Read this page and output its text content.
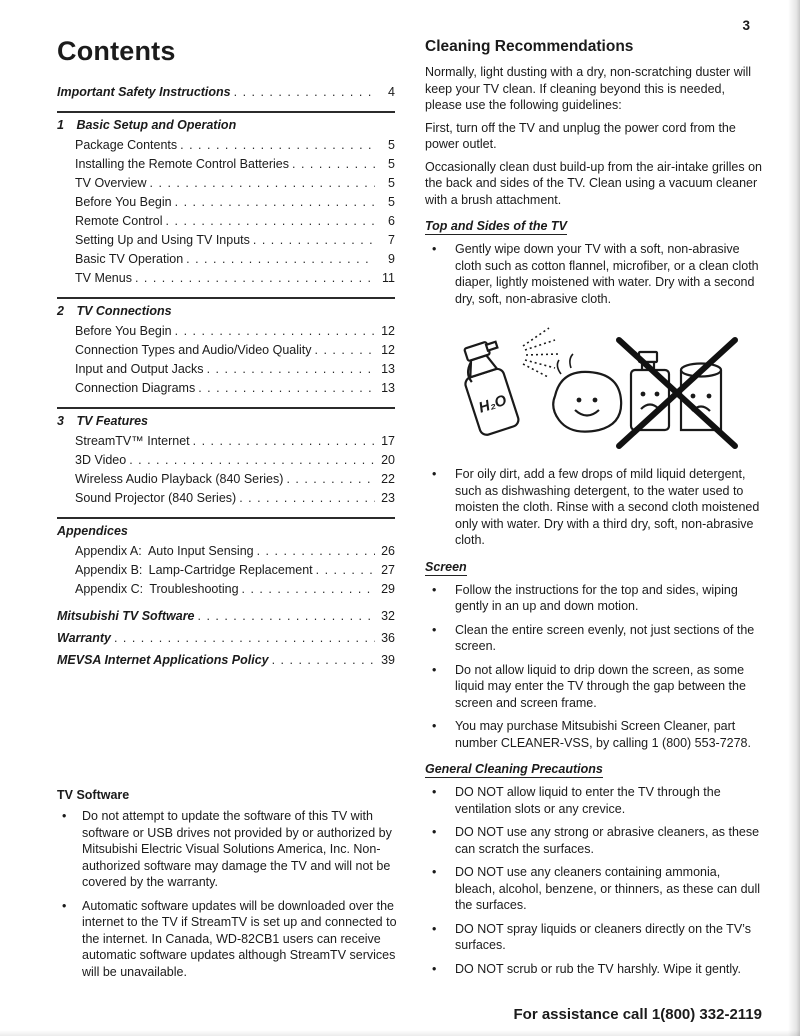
3
Contents
Important Safety Instructions . . .	4
1 Basic Setup and Operation
Package Contents . . .	5
Installing the Remote Control Batteries . . .	5
TV Overview . . .	5
Before You Begin . . .	5
Remote Control . . .	6
Setting Up and Using TV Inputs . . .	7
Basic TV Operation . . .	9
TV Menus . . .	11
2 TV Connections
Before You Begin . . .	12
Connection Types and Audio/Video Quality . . .	12
Input and Output Jacks . . .	13
Connection Diagrams . . .	13
3 TV Features
StreamTV™ Internet . . .	17
3D Video . . .	20
Wireless Audio Playback (840 Series) . . .	22
Sound Projector (840 Series) . . .	23
Appendices
Appendix A: Auto Input Sensing . . .	26
Appendix B: Lamp-Cartridge Replacement . . .	27
Appendix C: Troubleshooting . . .	29
Mitsubishi TV Software . . .	32
Warranty . . .	36
MEVSA Internet Applications Policy . . .	39
TV Software
• Do not attempt to update the software of this TV with software or USB drives not provided by or authorized by Mitsubishi Electric Visual Solutions America, Inc. Non-authorized software may damage the TV and will not be covered by the warranty.
• Automatic software updates will be downloaded over the internet to the TV if StreamTV is set up and connected to the internet. In Canada, WD-82CB1 users can receive automatic software updates although StreamTV services will be unavailable.
Cleaning Recommendations

Normally, light dusting with a dry, non-scratching duster will keep your TV clean. If cleaning beyond this is needed, please use the following guidelines:

First, turn off the TV and unplug the power cord from the power outlet.

Occasionally clean dust build-up from the air-intake grilles on the back and sides of the TV. Clean using a vacuum cleaner with a brush attachment.

Top and Sides of the TV
• Gently wipe down your TV with a soft, non-abrasive cloth such as cotton flannel, microfiber, or a clean cloth diaper, lightly moistened with water. Dry with a second dry, soft, non-abrasive cloth.
H₂O
• For oily dirt, add a few drops of mild liquid detergent, such as dishwashing detergent, to the water used to moisten the cloth. Rinse with a second cloth moistened only with water. Dry with a third dry, soft, non-abrasive cloth.
Screen
• Follow the instructions for the top and sides, wiping gently in an up and down motion.
• Clean the entire screen evenly, not just sections of the screen.
• Do not allow liquid to drip down the screen, as some liquid may enter the TV through the gap between the screen and screen frame.
• You may purchase Mitsubishi Screen Cleaner, part number CLEANER-VSS, by calling 1 (800) 553-7278.
General Cleaning Precautions
• DO NOT allow liquid to enter the TV through the ventilation slots or any crevice.
• DO NOT use any strong or abrasive cleaners, as these can scratch the surfaces.
• DO NOT use any cleaners containing ammonia, bleach, alcohol, benzene, or thinners, as these can dull the surfaces.
• DO NOT spray liquids or cleaners directly on the TV’s surfaces.
• DO NOT scrub or rub the TV harshly. Wipe it gently.
For assistance call 1(800) 332-2119
